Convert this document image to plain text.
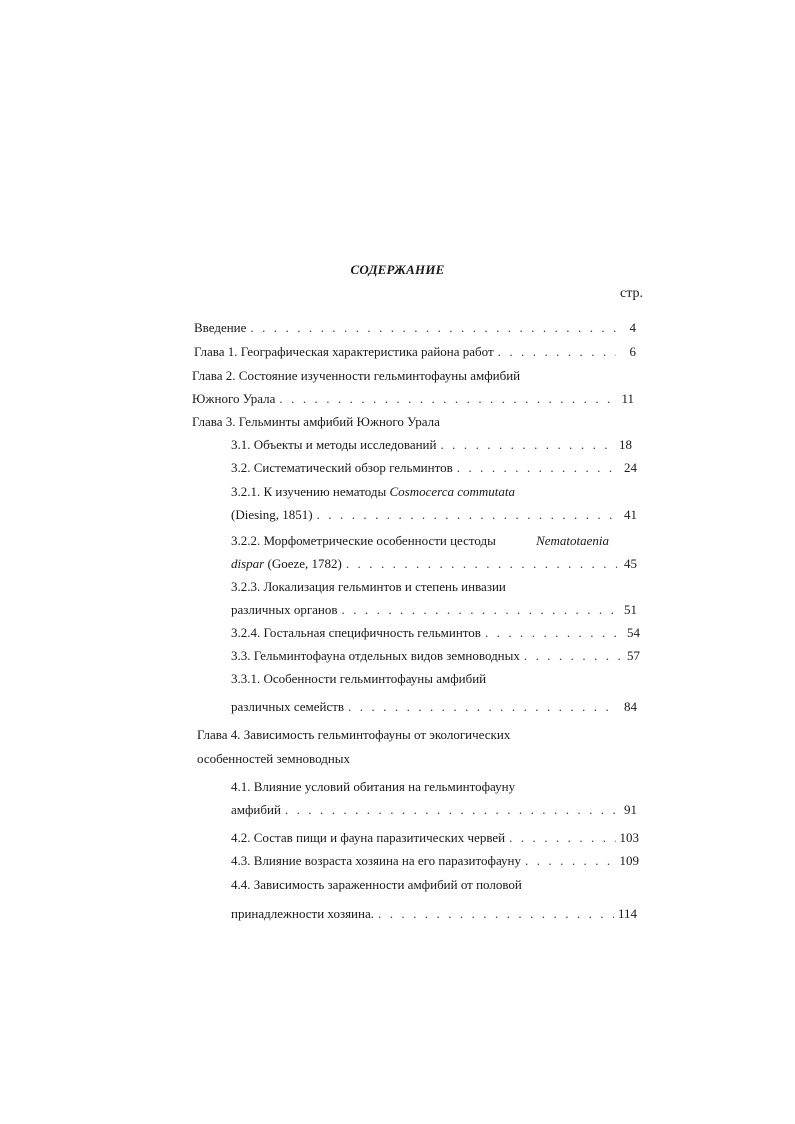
СОДЕРЖАНИЕ
стр.
Введение . . .	4
Глава 1. Географическая характеристика района работ . . .	6
Глава 2. Состояние изученности гельминтофауны амфибий
Южного Урала . . .	11
Глава 3. Гельминты амфибий Южного Урала
3.1. Объекты и методы исследований . . .	18
3.2. Систематический обзор гельминтов . . .	24
3.2.1. К изучению нематоды Cosmocerca commutata
(Diesing, 1851) . . .	41
3.2.2. Морфометрические особенности цестоды	Nematotaenia
dispar (Goeze, 1782) . . .	45
3.2.3. Локализация гельминтов и степень инвазии
различных органов . . .	51
3.2.4. Гостальная специфичность гельминтов . . .	54
3.3. Гельминтофауна отдельных видов земноводных . . .	57
3.3.1. Особенности гельминтофауны амфибий
различных семейств . . .	84
Глава 4. Зависимость гельминтофауны от экологических
особенностей земноводных
4.1. Влияние условий обитания на гельминтофауну
амфибий . . .	91
4.2. Состав пищи и фауна паразитических червей . . .	103
4.3. Влияние возраста хозяина на его паразитофауну . . .	109
4.4. Зависимость зараженности амфибий от половой
принадлежности хозяина. . . .	114
